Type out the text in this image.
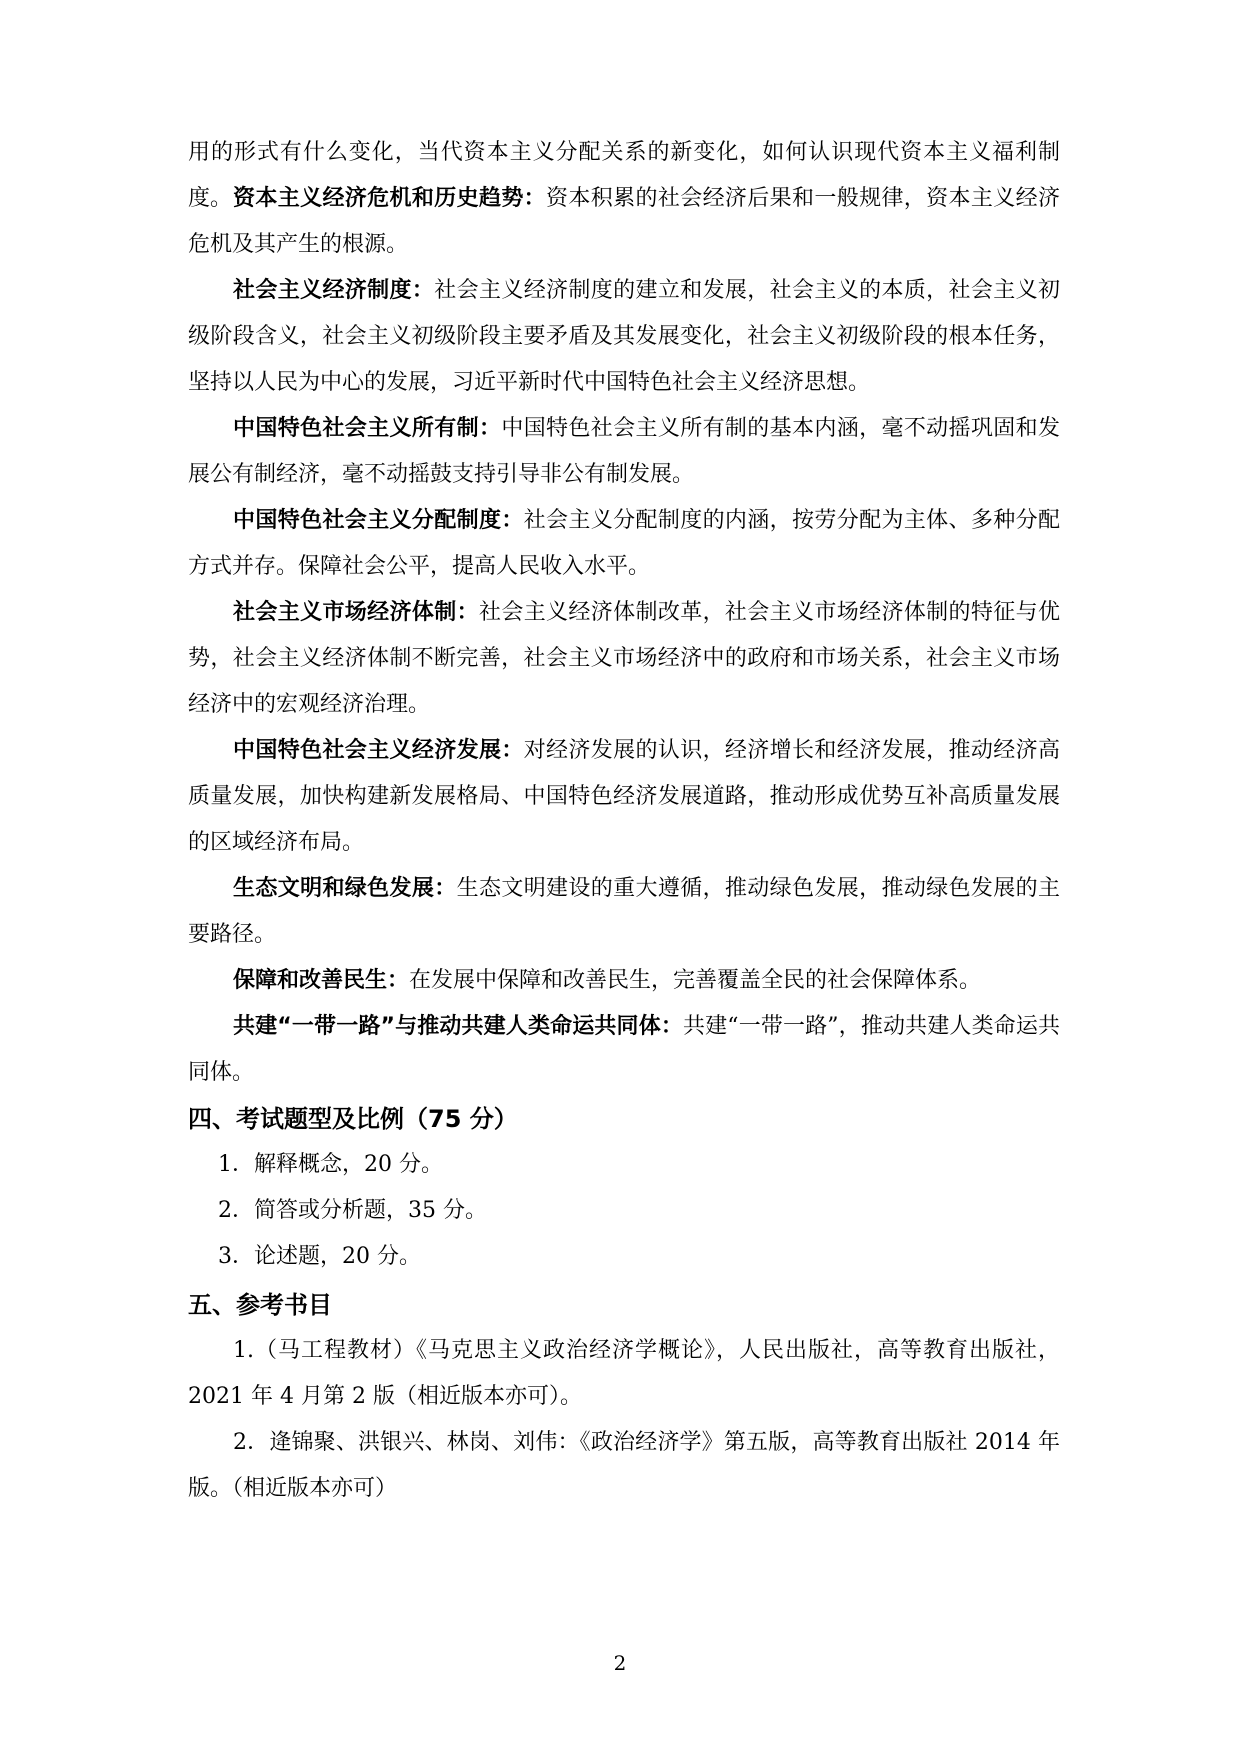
用的形式有什么变化，当代资本主义分配关系的新变化，如何认识现代资本主义福利制度。 资本主义经济危机和历史趋势：资本积累的社会经济后果和一般规律，资本主义经济危机及其产生的根源。
社会主义经济制度：社会主义经济制度的建立和发展，社会主义的本质，社会主义初级阶段含义，社会主义初级阶段主要矛盾及其发展变化，社会主义初级阶段的根本任务，坚持以人民为中心的发展，习近平新时代中国特色社会主义经济思想。
中国特色社会主义所有制：中国特色社会主义所有制的基本内涵，毫不动摇巩固和发展公有制经济，毫不动摇鼓支持引导非公有制发展。
中国特色社会主义分配制度：社会主义分配制度的内涵，按劳分配为主体、多种分配方式并存。保障社会公平，提高人民收入水平。
社会主义市场经济体制：社会主义经济体制改革，社会主义市场经济体制的特征与优势，社会主义经济体制不断完善，社会主义市场经济中的政府和市场关系，社会主义市场经济中的宏观经济治理。
中国特色社会主义经济发展：对经济发展的认识，经济增长和经济发展，推动经济高质量发展，加快构建新发展格局、中国特色经济发展道路，推动形成优势互补高质量发展的区域经济布局。
生态文明和绿色发展：生态文明建设的重大遵循，推动绿色发展，推动绿色发展的主要路径。
保障和改善民生：在发展中保障和改善民生，完善覆盖全民的社会保障体系。
共建“一带一路”与推动共建人类命运共同体：共建“一带一路”，推动共建人类命运共同体。
四、考试题型及比例（75 分）
1．解释概念，20 分。
2．简答或分析题，35 分。
3．论述题，20 分。
五、参考书目
1.（马工程教材）《马克思主义政治经济学概论》，人民出版社，高等教育出版社，2021 年 4 月第 2 版（相近版本亦可）。
2．逄锦聚、洪银兴、林岗、刘伟：《政治经济学》第五版，高等教育出版社 2014 年版。（相近版本亦可）
2
